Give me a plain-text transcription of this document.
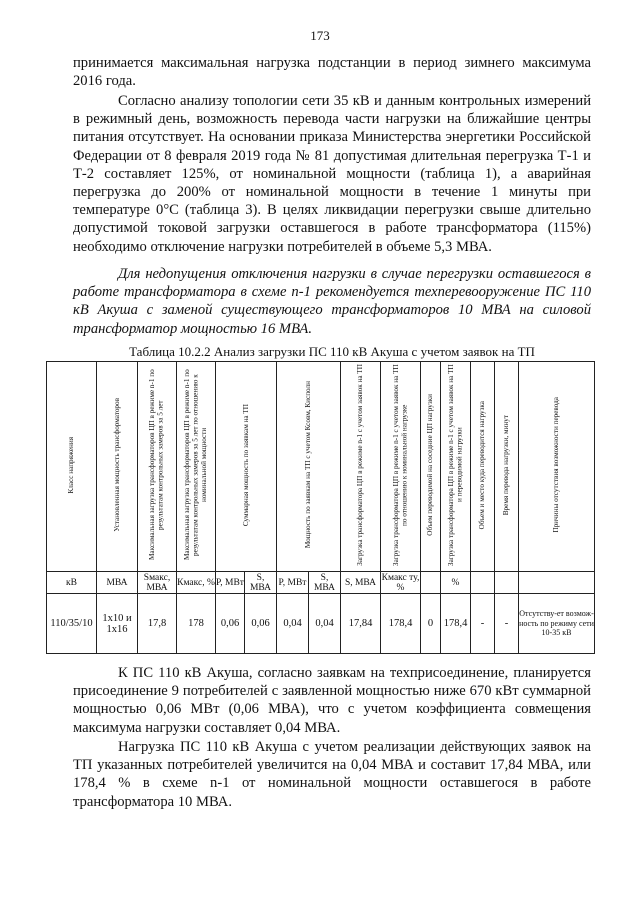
173

принимается максимальная нагрузка подстанции в период зимнего максимума 2016 года.

Согласно анализу топологии сети 35 кВ и данным контрольных измерений в режимный день, возможность перевода части нагрузки на ближайшие центры питания отсутствует. На основании приказа Министерства энергетики Российской Федерации от 8 февраля 2019 года № 81 допустимая длительная перегрузка Т-1 и Т-2 составляет 125%, от номинальной мощности (таблица 1), а аварийная перегрузка до 200% от номинальной мощности в течение 1 минуты при температуре 0°С (таблица 3). В целях ликвидации перегрузки свыше длительно допустимой токовой загрузки оставшегося в работе трансформатора (115%) необходимо отключение нагрузки потребителей в объеме 5,3 МВА.

Для недопущения отключения нагрузки в случае перегрузки оставшегося в работе трансформатора в схеме n-1 рекомендуется техперевооружение ПС 110 кВ Акуша с заменой существующего трансформаторов 10 МВА на силовой трансформатор мощностью 16 МВА.

Таблица 10.2.2 Анализ загрузки ПС 110 кВ Акуша с учетом заявок на ТП
Класс напряжения	Установленная мощность трансформаторов	Максимальная загрузка трансформаторов ЦП в режиме n-1 по результатам контрольных замеров за 5 лет	Максимальная загрузка трансформаторов ЦП в режиме n-1 по результатам контрольных замеров за 5 лет по отношению к номинальной мощности	Суммарная мощность по заявкам на ТП		Мощность по заявкам на ТП с учетом Ксовм, Кисполн		Загрузка трансформатора ЦП в режиме n-1 с учетом заявок на ТП	Загрузка трансформатора ЦП в режиме n-1 с учетом заявок на ТП по отношению к номинальной нагрузке	Объем переводимой на соседние ЦП нагрузки	Загрузка трансформатора ЦП в режиме n-1 с учетом заявок на ТП и переводимой нагрузки	Объем и место куда переводится нагрузка	Время перевода нагрузки, минут	Причины отсутствия возможности перевода
кВ	МВА	Sмакс, МВА	Кмакс, %	P, МВт	S, МВА	P, МВт	S, МВА	S, МВА	Кмакс ту, %		%			
110/35/10	1х10 и 1х16	17,8	178	0,06	0,06	0,04	0,04	17,84	178,4	0	178,4	-	-	Отсутству-ет возмож-ность по режиму сети 10-35 кВ

К ПС 110 кВ Акуша, согласно заявкам на техприсоединение, планируется присоединение 9 потребителей с заявленной мощностью ниже 670 кВт суммарной мощностью 0,06 МВт (0,06 МВА), что с учетом коэффициента совмещения максимума нагрузки составляет 0,04 МВА.

Нагрузка ПС 110 кВ Акуша с учетом реализации действующих заявок на ТП указанных потребителей увеличится на 0,04 МВА и составит 17,84 МВА, или 178,4 % в схеме n-1 от номинальной мощности оставшегося в работе трансформатора 10 МВА.
